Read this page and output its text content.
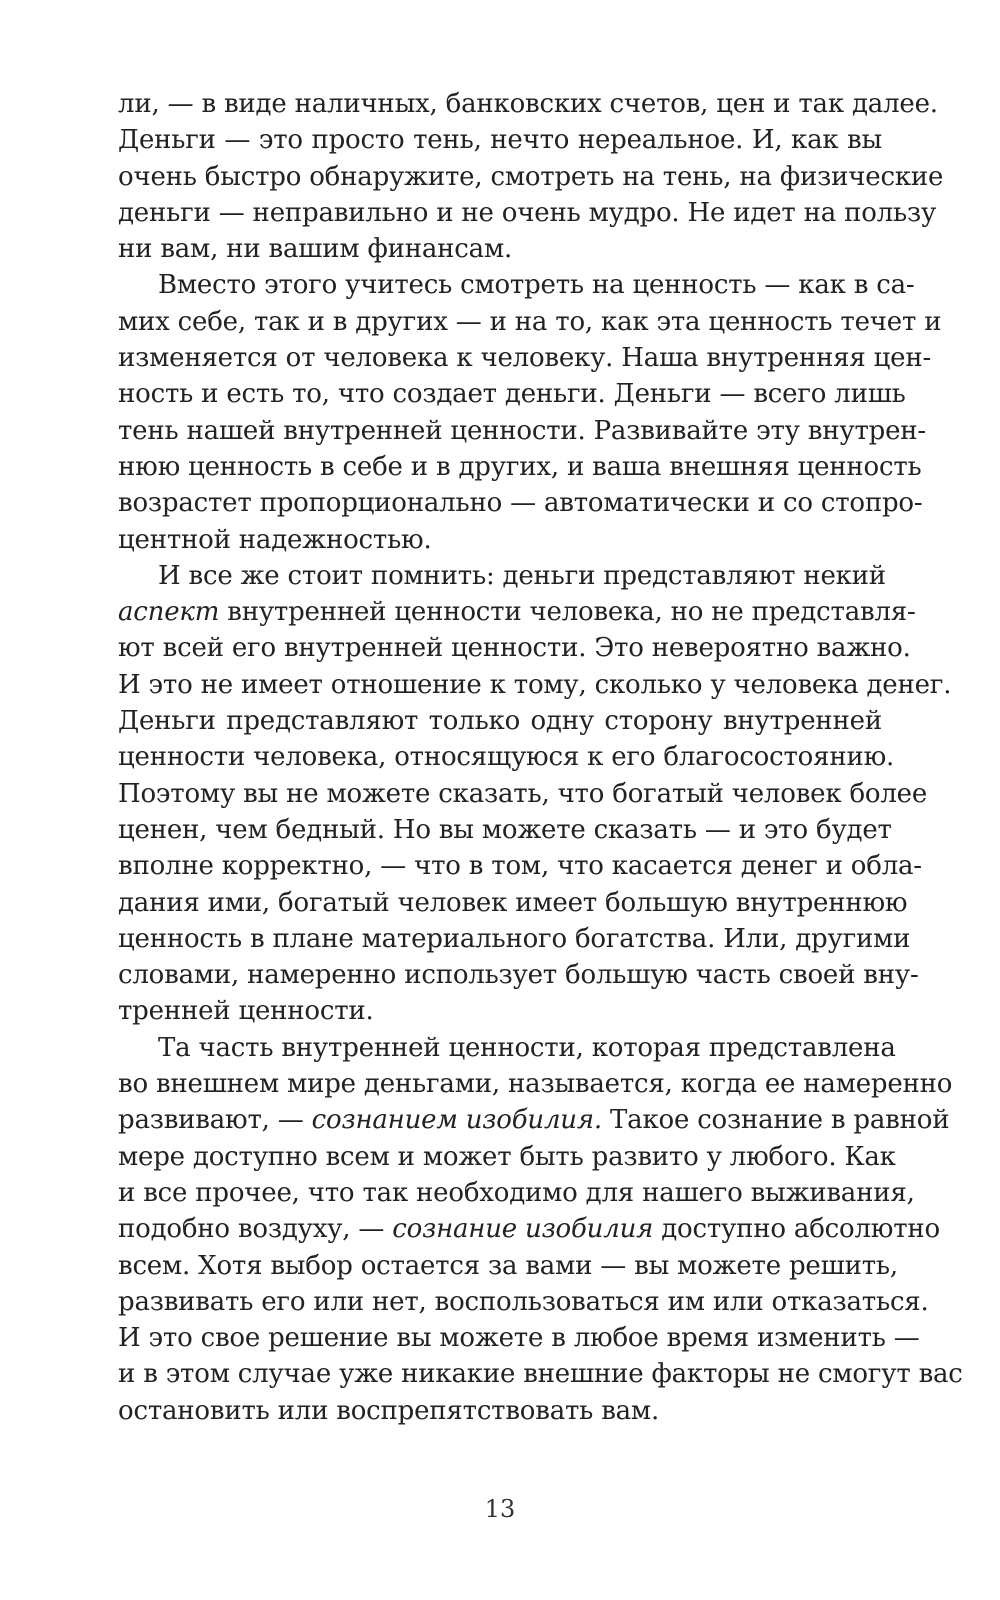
ли, — в виде наличных, банковских счетов, цен и так далее.
Деньги — это просто тень, нечто нереальное. И, как вы
очень быстро обнаружите, смотреть на тень, на физические
деньги — неправильно и не очень мудро. Не идет на пользу
ни вам, ни вашим финансам.
Вместо этого учитесь смотреть на ценность — как в са-
мих себе, так и в других — и на то, как эта ценность течет и
изменяется от человека к человеку. Наша внутренняя цен-
ность и есть то, что создает деньги. Деньги — всего лишь
тень нашей внутренней ценности. Развивайте эту внутрен-
нюю ценность в себе и в других, и ваша внешняя ценность
возрастет пропорционально — автоматически и со стопро-
центной надежностью.
И все же стоит помнить: деньги представляют некий
аспект внутренней ценности человека, но не представля-
ют всей его внутренней ценности. Это невероятно важно.
И это не имеет отношение к тому, сколько у человека денег.
Деньги представляют только одну сторону внутренней
ценности человека, относящуюся к его благосостоянию.
Поэтому вы не можете сказать, что богатый человек более
ценен, чем бедный. Но вы можете сказать — и это будет
вполне корректно, — что в том, что касается денег и обла-
дания ими, богатый человек имеет большую внутреннюю
ценность в плане материального богатства. Или, другими
словами, намеренно использует большую часть своей вну-
тренней ценности.
Та часть внутренней ценности, которая представлена
во внешнем мире деньгами, называется, когда ее намеренно
развивают, — сознанием изобилия. Такое сознание в равной
мере доступно всем и может быть развито у любого. Как
и все прочее, что так необходимо для нашего выживания,
подобно воздуху, — сознание изобилия доступно абсолютно
всем. Хотя выбор остается за вами — вы можете решить,
развивать его или нет, воспользоваться им или отказаться.
И это свое решение вы можете в любое время изменить —
и в этом случае уже никакие внешние факторы не смогут вас
остановить или воспрепятствовать вам.
13
